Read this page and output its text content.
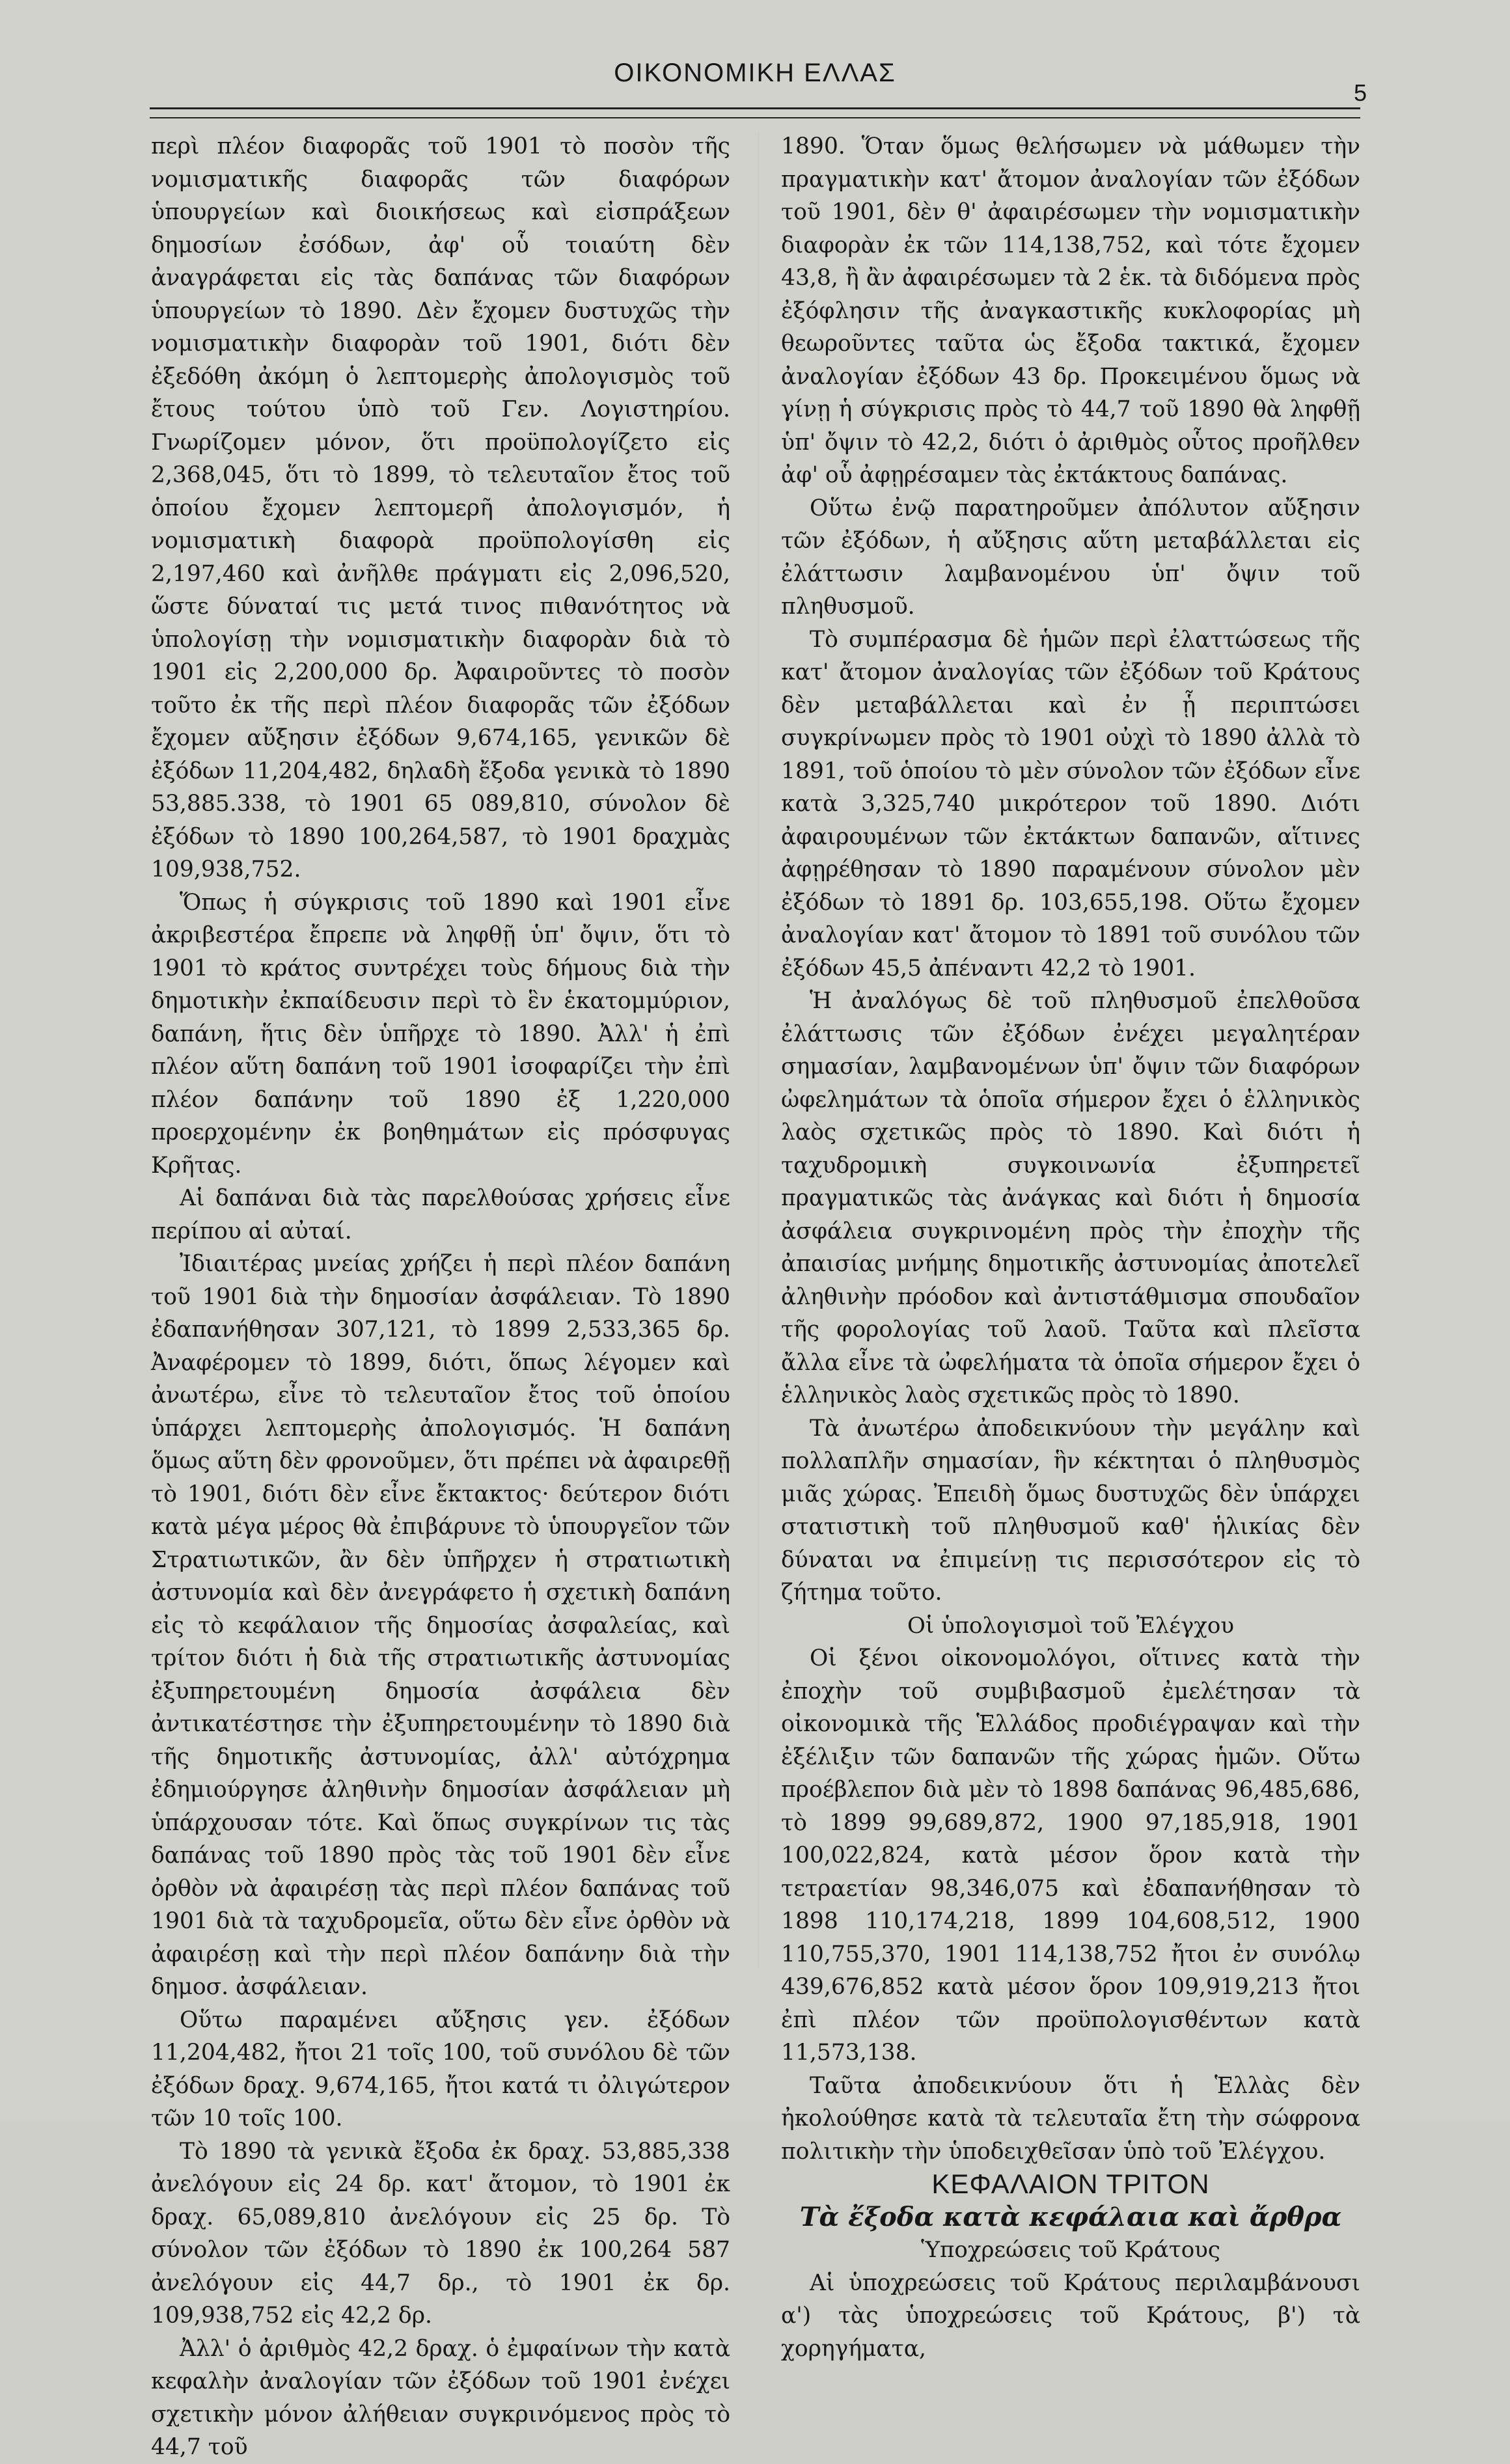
ΟΙΚΟΝΟΜΙΚΗ ΕΛΛΑΣ
5

περὶ πλέον διαφορᾶς τοῦ 1901 τὸ ποσὸν τῆς νομισματικῆς διαφορᾶς τῶν διαφόρων ὑπουργείων καὶ διοικήσεως καὶ εἰσπράξεων δημοσίων ἐσόδων, ἀφ' οὗ τοιαύτη δὲν ἀναγράφεται εἰς τὰς δαπάνας τῶν διαφόρων ὑπουργείων τὸ 1890. Δὲν ἔχομεν δυστυχῶς τὴν νομισματικὴν διαφορὰν τοῦ 1901, διότι δὲν ἐξεδόθη ἀκόμη ὁ λεπτομερὴς ἀπολογισμὸς τοῦ ἔτους τούτου ὑπὸ τοῦ Γεν. Λογιστηρίου. Γνωρίζομεν μόνον, ὅτι προϋπολογίζετο εἰς 2,368,045, ὅτι τὸ 1899, τὸ τελευταῖον ἔτος τοῦ ὁποίου ἔχομεν λεπτομερῆ ἀπολογισμόν, ἡ νομισματικὴ διαφορὰ προϋπολογίσθη εἰς 2,197,460 καὶ ἀνῆλθε πράγματι εἰς 2,096,520, ὥστε δύναταί τις μετά τινος πιθανότητος νὰ ὑπολογίσῃ τὴν νομισματικὴν διαφορὰν διὰ τὸ 1901 εἰς 2,200,000 δρ. Ἀφαιροῦντες τὸ ποσὸν τοῦτο ἐκ τῆς περὶ πλέον διαφορᾶς τῶν ἐξόδων ἔχομεν αὔξησιν ἐξόδων 9,674,165, γενικῶν δὲ ἐξόδων 11,204,482, δηλαδὴ ἔξοδα γενικὰ τὸ 1890 53,885.338, τὸ 1901 65 089,810, σύνολον δὲ ἐξόδων τὸ 1890 100,264,587, τὸ 1901 δραχμὰς 109,938,752.

Ὅπως ἡ σύγκρισις τοῦ 1890 καὶ 1901 εἶνε ἀκριβεστέρα ἔπρεπε νὰ ληφθῇ ὑπ' ὄψιν, ὅτι τὸ 1901 τὸ κράτος συντρέχει τοὺς δήμους διὰ τὴν δημοτικὴν ἐκπαίδευσιν περὶ τὸ ἓν ἑκατομμύριον, δαπάνη, ἥτις δὲν ὑπῆρχε τὸ 1890. Ἀλλ' ἡ ἐπὶ πλέον αὕτη δαπάνη τοῦ 1901 ἰσοφαρίζει τὴν ἐπὶ πλέον δαπάνην τοῦ 1890 ἐξ 1,220,000 προερχομένην ἐκ βοηθημάτων εἰς πρόσφυγας Κρῆτας.

Αἱ δαπάναι διὰ τὰς παρελθούσας χρήσεις εἶνε περίπου αἱ αὐταί.

Ἰδιαιτέρας μνείας χρήζει ἡ περὶ πλέον δαπάνη τοῦ 1901 διὰ τὴν δημοσίαν ἀσφάλειαν. Τὸ 1890 ἐδαπανήθησαν 307,121, τὸ 1899 2,533,365 δρ. Ἀναφέρομεν τὸ 1899, διότι, ὅπως λέγομεν καὶ ἀνωτέρω, εἶνε τὸ τελευταῖον ἔτος τοῦ ὁποίου ὑπάρχει λεπτομερὴς ἀπολογισμός. Ἡ δαπάνη ὅμως αὕτη δὲν φρονοῦμεν, ὅτι πρέπει νὰ ἀφαιρεθῇ τὸ 1901, διότι δὲν εἶνε ἔκτακτος· δεύτερον διότι κατὰ μέγα μέρος θὰ ἐπιβάρυνε τὸ ὑπουργεῖον τῶν Στρατιωτικῶν, ἂν δὲν ὑπῆρχεν ἡ στρατιωτικὴ ἀστυνομία καὶ δὲν ἀνεγράφετο ἡ σχετικὴ δαπάνη εἰς τὸ κεφάλαιον τῆς δημοσίας ἀσφαλείας, καὶ τρίτον διότι ἡ διὰ τῆς στρατιωτικῆς ἀστυνομίας ἐξυπηρετουμένη δημοσία ἀσφάλεια δὲν ἀντικατέστησε τὴν ἐξυπηρετουμένην τὸ 1890 διὰ τῆς δημοτικῆς ἀστυνομίας, ἀλλ' αὐτόχρημα ἐδημιούργησε ἀληθινὴν δημοσίαν ἀσφάλειαν μὴ ὑπάρχουσαν τότε. Καὶ ὅπως συγκρίνων τις τὰς δαπάνας τοῦ 1890 πρὸς τὰς τοῦ 1901 δὲν εἶνε ὀρθὸν νὰ ἀφαιρέσῃ τὰς περὶ πλέον δαπάνας τοῦ 1901 διὰ τὰ ταχυδρομεῖα, οὕτω δὲν εἶνε ὀρθὸν νὰ ἀφαιρέσῃ καὶ τὴν περὶ πλέον δαπάνην διὰ τὴν δημοσ. ἀσφάλειαν.

Οὕτω παραμένει αὔξησις γεν. ἐξόδων 11,204,482, ἤτοι 21 τοῖς 100, τοῦ συνόλου δὲ τῶν ἐξόδων δραχ. 9,674,165, ἤτοι κατά τι ὀλιγώτερον τῶν 10 τοῖς 100.

Τὸ 1890 τὰ γενικὰ ἔξοδα ἐκ δραχ. 53,885,338 ἀνελόγουν εἰς 24 δρ. κατ' ἄτομον, τὸ 1901 ἐκ δραχ. 65,089,810 ἀνελόγουν εἰς 25 δρ. Τὸ σύνολον τῶν ἐξόδων τὸ 1890 ἐκ 100,264 587 ἀνελόγουν εἰς 44,7 δρ., τὸ 1901 ἐκ δρ. 109,938,752 εἰς 42,2 δρ.

Ἀλλ' ὁ ἀριθμὸς 42,2 δραχ. ὁ ἐμφαίνων τὴν κατὰ κεφαλὴν ἀναλογίαν τῶν ἐξόδων τοῦ 1901 ἐνέχει σχετικὴν μόνον ἀλήθειαν συγκρινόμενος πρὸς τὸ 44,7 τοῦ

1890. Ὅταν ὅμως θελήσωμεν νὰ μάθωμεν τὴν πραγματικὴν κατ' ἄτομον ἀναλογίαν τῶν ἐξόδων τοῦ 1901, δὲν θ' ἀφαιρέσωμεν τὴν νομισματικὴν διαφορὰν ἐκ τῶν 114,138,752, καὶ τότε ἔχομεν 43,8, ἢ ἂν ἀφαιρέσωμεν τὰ 2 ἑκ. τὰ διδόμενα πρὸς ἐξόφλησιν τῆς ἀναγκαστικῆς κυκλοφορίας μὴ θεωροῦντες ταῦτα ὡς ἔξοδα τακτικά, ἔχομεν ἀναλογίαν ἐξόδων 43 δρ. Προκειμένου ὅμως νὰ γίνῃ ἡ σύγκρισις πρὸς τὸ 44,7 τοῦ 1890 θὰ ληφθῇ ὑπ' ὄψιν τὸ 42,2, διότι ὁ ἀριθμὸς οὗτος προῆλθεν ἀφ' οὗ ἀφῃρέσαμεν τὰς ἐκτάκτους δαπάνας.

Οὕτω ἐνῷ παρατηροῦμεν ἀπόλυτον αὔξησιν τῶν ἐξόδων, ἡ αὔξησις αὕτη μεταβάλλεται εἰς ἐλάττωσιν λαμβανομένου ὑπ' ὄψιν τοῦ πληθυσμοῦ.

Τὸ συμπέρασμα δὲ ἡμῶν περὶ ἐλαττώσεως τῆς κατ' ἄτομον ἀναλογίας τῶν ἐξόδων τοῦ Κράτους δὲν μεταβάλλεται καὶ ἐν ᾗ περιπτώσει συγκρίνωμεν πρὸς τὸ 1901 οὐχὶ τὸ 1890 ἀλλὰ τὸ 1891, τοῦ ὁποίου τὸ μὲν σύνολον τῶν ἐξόδων εἶνε κατὰ 3,325,740 μικρότερον τοῦ 1890. Διότι ἀφαιρουμένων τῶν ἐκτάκτων δαπανῶν, αἵτινες ἀφῃρέθησαν τὸ 1890 παραμένουν σύνολον μὲν ἐξόδων τὸ 1891 δρ. 103,655,198. Οὕτω ἔχομεν ἀναλογίαν κατ' ἄτομον τὸ 1891 τοῦ συνόλου τῶν ἐξόδων 45,5 ἀπέναντι 42,2 τὸ 1901.

Ἡ ἀναλόγως δὲ τοῦ πληθυσμοῦ ἐπελθοῦσα ἐλάττωσις τῶν ἐξόδων ἐνέχει μεγαλητέραν σημασίαν, λαμβανομένων ὑπ' ὄψιν τῶν διαφόρων ὠφελημάτων τὰ ὁποῖα σήμερον ἔχει ὁ ἑλληνικὸς λαὸς σχετικῶς πρὸς τὸ 1890. Καὶ διότι ἡ ταχυδρομικὴ συγκοινωνία ἐξυπηρετεῖ πραγματικῶς τὰς ἀνάγκας καὶ διότι ἡ δημοσία ἀσφάλεια συγκρινομένη πρὸς τὴν ἐποχὴν τῆς ἀπαισίας μνήμης δημοτικῆς ἀστυνομίας ἀποτελεῖ ἀληθινὴν πρόοδον καὶ ἀντιστάθμισμα σπουδαῖον τῆς φορολογίας τοῦ λαοῦ. Ταῦτα καὶ πλεῖστα ἄλλα εἶνε τὰ ὠφελήματα τὰ ὁποῖα σήμερον ἔχει ὁ ἑλληνικὸς λαὸς σχετικῶς πρὸς τὸ 1890.

Τὰ ἀνωτέρω ἀποδεικνύουν τὴν μεγάλην καὶ πολλαπλῆν σημασίαν, ἣν κέκτηται ὁ πληθυσμὸς μιᾶς χώρας. Ἐπειδὴ ὅμως δυστυχῶς δὲν ὑπάρχει στατιστικὴ τοῦ πληθυσμοῦ καθ' ἡλικίας δὲν δύναται να ἐπιμείνῃ τις περισσότερον εἰς τὸ ζήτημα τοῦτο.

Οἱ ὑπολογισμοὶ τοῦ Ἐλέγχου

Οἱ ξένοι οἰκονομολόγοι, οἵτινες κατὰ τὴν ἐποχὴν τοῦ συμβιβασμοῦ ἐμελέτησαν τὰ οἰκονομικὰ τῆς Ἑλλάδος προδιέγραψαν καὶ τὴν ἐξέλιξιν τῶν δαπανῶν τῆς χώρας ἡμῶν. Οὕτω προέβλεπον διὰ μὲν τὸ 1898 δαπάνας 96,485,686, τὸ 1899 99,689,872, 1900 97,185,918, 1901 100,022,824, κατὰ μέσον ὅρον κατὰ τὴν τετραετίαν 98,346,075 καὶ ἐδαπανήθησαν τὸ 1898 110,174,218, 1899 104,608,512, 1900 110,755,370, 1901 114,138,752 ἤτοι ἐν συνόλῳ 439,676,852 κατὰ μέσον ὅρον 109,919,213 ἤτοι ἐπὶ πλέον τῶν προϋπολογισθέντων κατὰ 11,573,138.

Ταῦτα ἀποδεικνύουν ὅτι ἡ Ἑλλὰς δὲν ἠκολούθησε κατὰ τὰ τελευταῖα ἔτη τὴν σώφρονα πολιτικὴν τὴν ὑποδειχθεῖσαν ὑπὸ τοῦ Ἐλέγχου.

ΚΕΦΑΛΑΙΟΝ ΤΡΙΤΟΝ

Τὰ ἔξοδα κατὰ κεφάλαια καὶ ἄρθρα

Ὑποχρεώσεις τοῦ Κράτους

Αἱ ὑποχρεώσεις τοῦ Κράτους περιλαμβάνουσι α') τὰς ὑποχρεώσεις τοῦ Κράτους, β') τὰ χορηγήματα,
